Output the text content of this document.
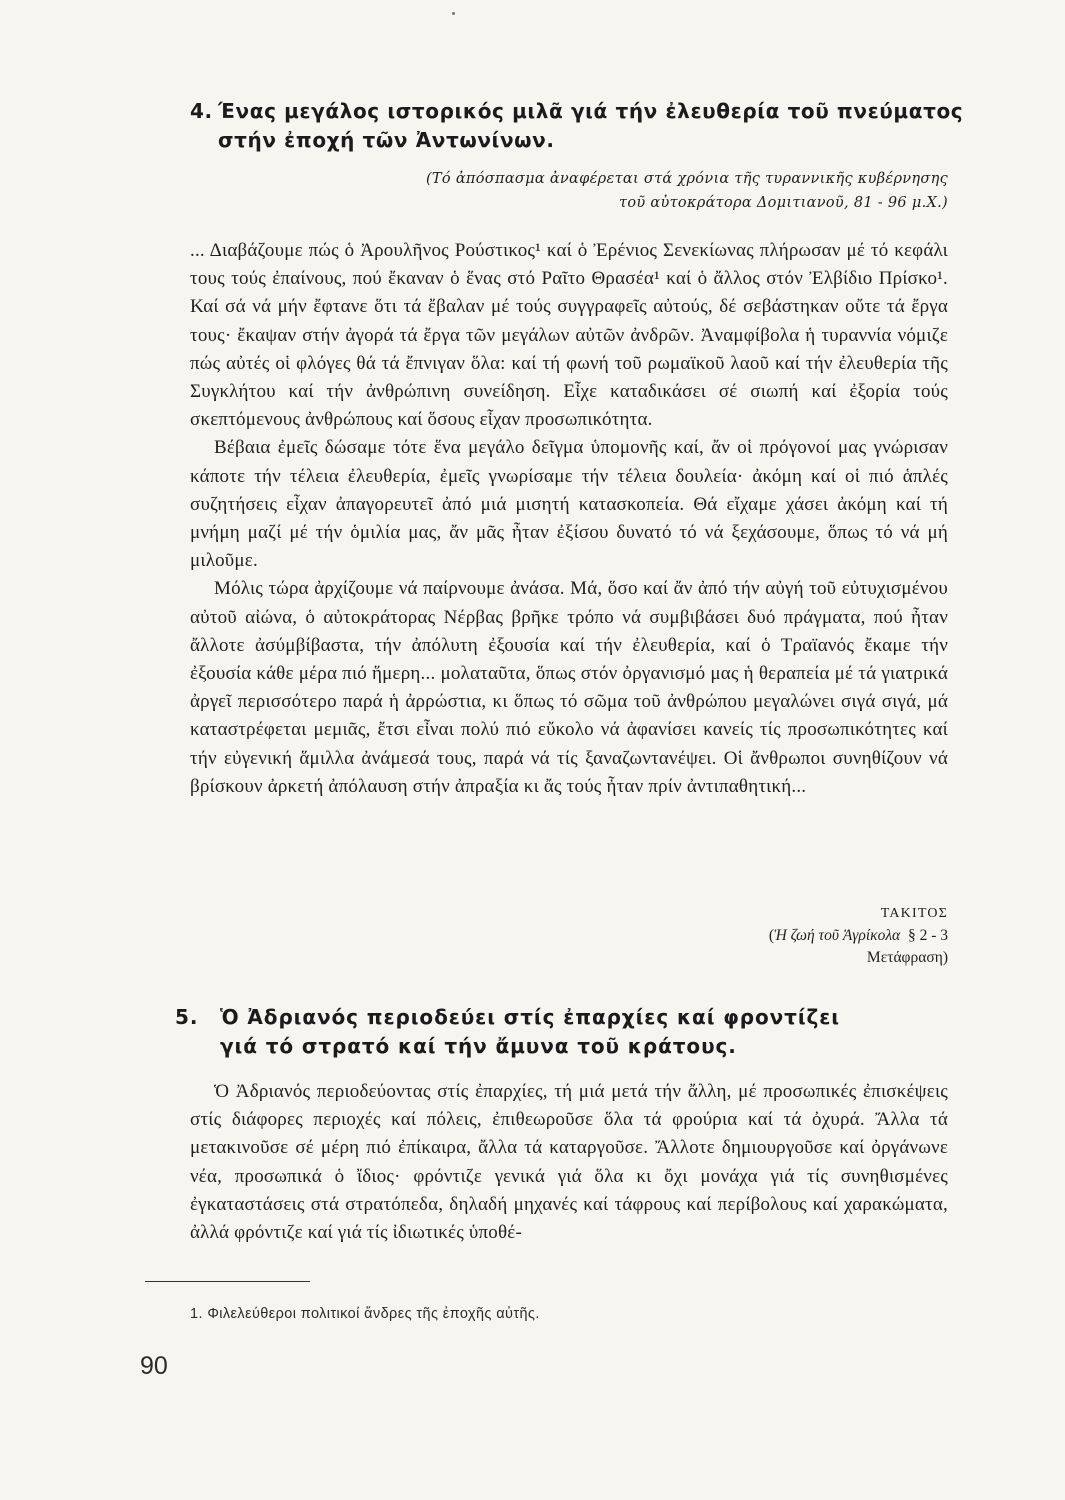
4. Ένας μεγάλος ιστορικός μιλᾶ γιά τήν ἐλευθερία τοῦ πνεύματος
στήν ἐποχή τῶν Ἀντωνίνων.
(Τό ἀπόσπασμα ἀναφέρεται στά χρόνια τῆς τυραννικῆς κυβέρνησης
τοῦ αὐτοκράτορα Δομιτιανοῦ, 81 - 96 μ.Χ.)

... Διαβάζουμε πώς ὁ Ἀρουλῆνος Ρούστικος¹ καί ὁ Ἐρένιος Σενεκίωνας πλήρωσαν μέ τό κεφάλι τους τούς ἐπαίνους, πού ἔκαναν ὁ ἕνας στό Ραῖτο Θρασέα¹ καί ὁ ἄλλος στόν Ἐλβίδιο Πρίσκο¹. Καί σά νά μήν ἔφτανε ὅτι τά ἔβαλαν μέ τούς συγγραφεῖς αὐτούς, δέ σεβάστηκαν οὔτε τά ἔργα τους· ἔκαψαν στήν ἀγορά τά ἔργα τῶν μεγάλων αὐτῶν ἀνδρῶν. Ἀναμφίβολα ἡ τυραννία νόμιζε πώς αὐτές οἱ φλόγες θά τά ἔπνιγαν ὅλα: καί τή φωνή τοῦ ρωμαϊκοῦ λαοῦ καί τήν ἐλευθερία τῆς Συγκλήτου καί τήν ἀνθρώπινη συνείδηση. Εἶχε καταδικάσει σέ σιωπή καί ἐξορία τούς σκεπτόμενους ἀνθρώπους καί ὅσους εἶχαν προσωπικότητα.

Βέβαια ἐμεῖς δώσαμε τότε ἕνα μεγάλο δεῖγμα ὑπομονῆς καί, ἄν οἱ πρόγονοί μας γνώρισαν κάποτε τήν τέλεια ἐλευθερία, ἐμεῖς γνωρίσαμε τήν τέλεια δουλεία· ἀκόμη καί οἱ πιό ἁπλές συζητήσεις εἶχαν ἀπαγορευτεῖ ἀπό μιά μισητή κατασκοπεία. Θά εἴχαμε χάσει ἀκόμη καί τή μνήμη μαζί μέ τήν ὁμιλία μας, ἄν μᾶς ἦταν ἐξίσου δυνατό τό νά ξεχάσουμε, ὅπως τό νά μή μιλοῦμε.

Μόλις τώρα ἀρχίζουμε νά παίρνουμε ἀνάσα. Μά, ὅσο καί ἄν ἀπό τήν αὐγή τοῦ εὐτυχισμένου αὐτοῦ αἰώνα, ὁ αὐτοκράτορας Νέρβας βρῆκε τρόπο νά συμβιβάσει δυό πράγματα, πού ἦταν ἄλλοτε ἀσύμβίβαστα, τήν ἀπόλυτη ἐξουσία καί τήν ἐλευθερία, καί ὁ Τραϊανός ἔκαμε τήν ἐξουσία κάθε μέρα πιό ἥμερη... μολαταῦτα, ὅπως στόν ὀργανισμό μας ἡ θεραπεία μέ τά γιατρικά ἀργεῖ περισσότερο παρά ἡ ἀρρώστια, κι ὅπως τό σῶμα τοῦ ἀνθρώπου μεγαλώνει σιγά σιγά, μά καταστρέφεται μεμιᾶς, ἔτσι εἶναι πολύ πιό εὔκολο νά ἀφανίσει κανείς τίς προσωπικότητες καί τήν εὐγενική ἅμιλλα ἀνάμεσά τους, παρά νά τίς ξαναζωντανέψει. Οἱ ἄνθρωποι συνηθίζουν νά βρίσκουν ἀρκετή ἀπόλαυση στήν ἀπραξία κι ἄς τούς ἦταν πρίν ἀντιπαθητική...

ΤΑΚΙΤΟΣ
(Ἡ ζωή τοῦ Ἀγρίκολα § 2 - 3
Μετάφραση)
5. Ὁ Ἀδριανός περιοδεύει στίς ἐπαρχίες καί φροντίζει
γιά τό στρατό καί τήν ἄμυνα τοῦ κράτους.

Ὁ Ἀδριανός περιοδεύοντας στίς ἐπαρχίες, τή μιά μετά τήν ἄλλη, μέ προσωπικές ἐπισκέψεις στίς διάφορες περιοχές καί πόλεις, ἐπιθεωροῦσε ὅλα τά φρούρια καί τά ὀχυρά. Ἄλλα τά μετακινοῦσε σέ μέρη πιό ἐπίκαιρα, ἄλλα τά καταργοῦσε. Ἄλλοτε δημιουργοῦσε καί ὀργάνωνε νέα, προσωπικά ὁ ἴδιος· φρόντιζε γενικά γιά ὅλα κι ὄχι μονάχα γιά τίς συνηθισμένες ἐγκαταστάσεις στά στρατόπεδα, δηλαδή μηχανές καί τάφρους καί περίβολους καί χαρακώματα, ἀλλά φρόντιζε καί γιά τίς ἰδιωτικές ὑποθέ-

1. Φιλελεύθεροι πολιτικοί ἄνδρες τῆς ἐποχῆς αὐτῆς.
90
